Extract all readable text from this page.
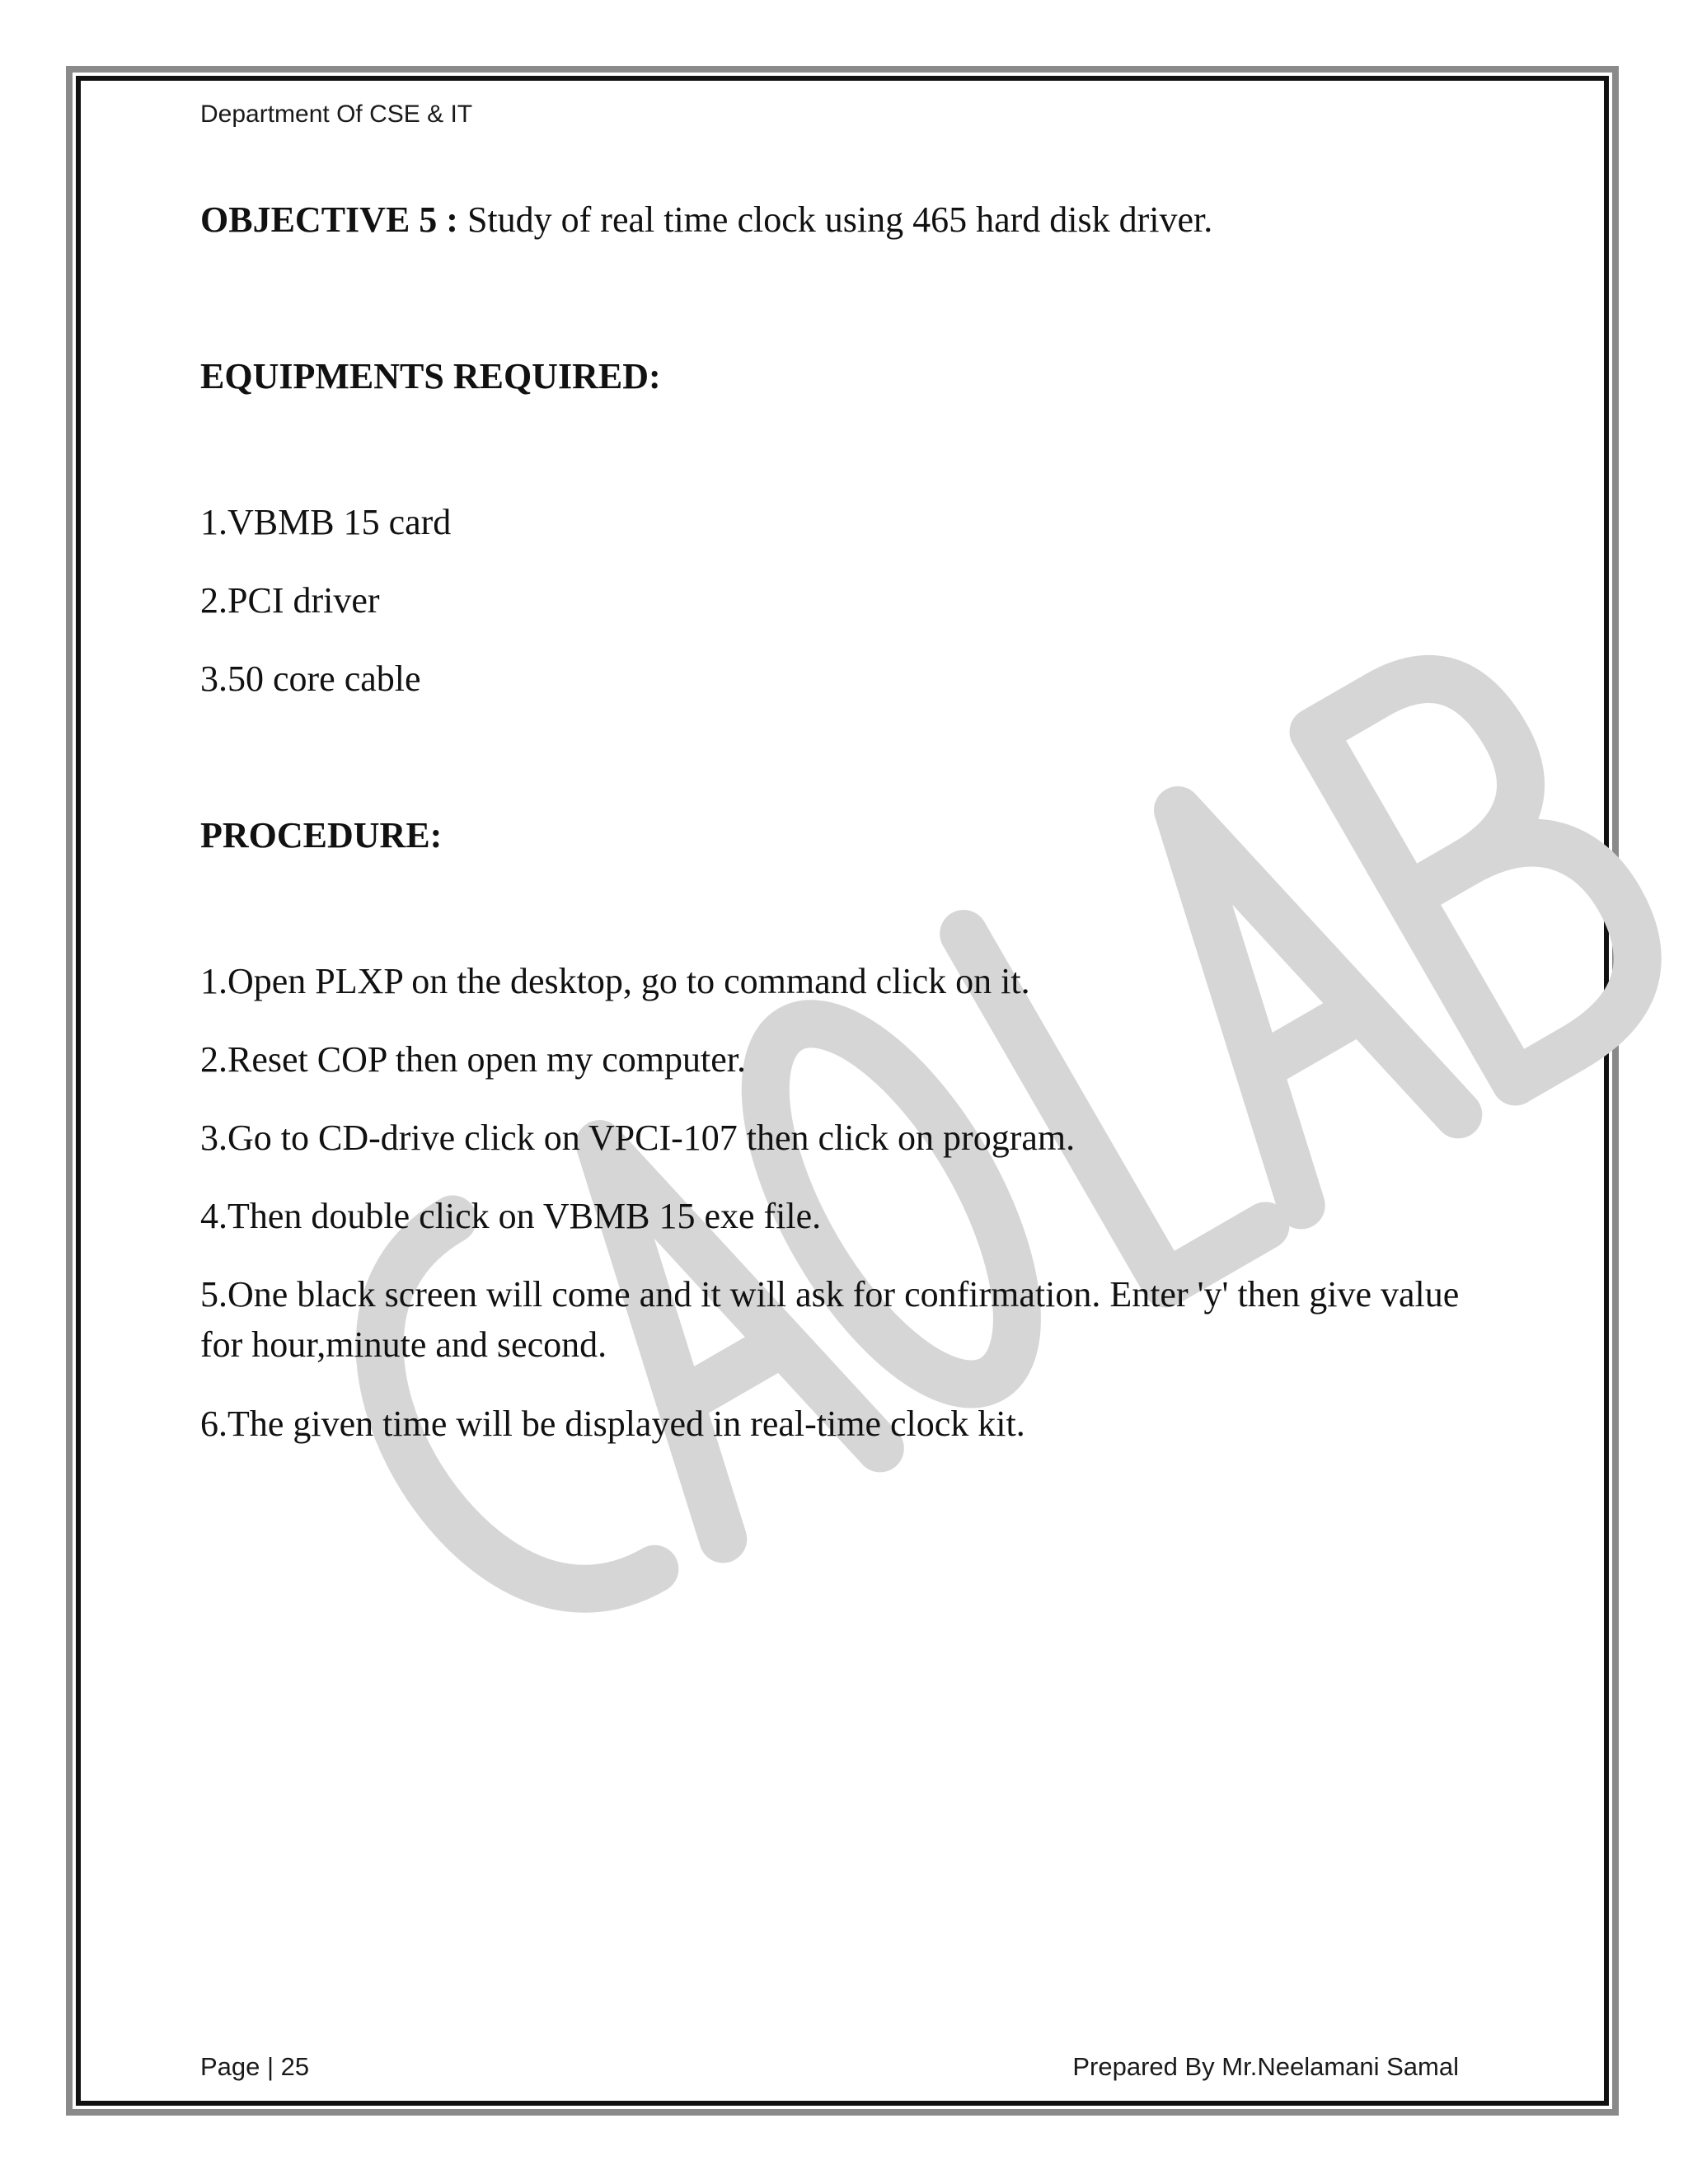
Department Of CSE & IT
OBJECTIVE 5 : Study of real time clock using 465 hard disk driver.
EQUIPMENTS REQUIRED:
1.VBMB 15 card
2.PCI driver
3.50 core cable
PROCEDURE:
1.Open PLXP on the desktop, go to command click on it.
2.Reset COP then open my computer.
3.Go to CD-drive click on VPCI-107 then click on program.
4.Then double click on VBMB 15 exe file.
5.One black screen will come and it will ask for confirmation. Enter 'y' then give value for hour,minute and second.
6.The given time will be displayed in real-time clock kit.
Page | 25	Prepared By Mr.Neelamani Samal
